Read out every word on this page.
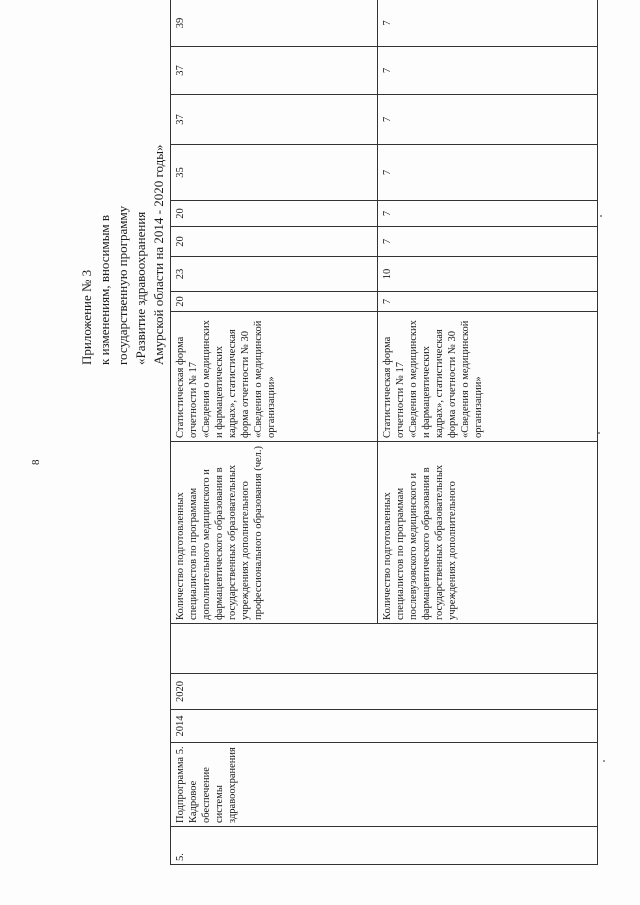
8
Приложение № 3 к изменениям, вносимым в государственную программу «Развитие здравоохранения Амурской области на 2014 - 2020 годы»
5.	Подпрограмма 5. Кадровое обеспечение системы здравоохранения	2014	2020		Количество подготовленных специалистов по программам дополнительного медицинского и фармацевтического образования в государственных образовательных учреждениях дополнительного профессионального образования (чел.)	Статистическая форма отчетности № 17 «Сведения о медицинских и фармацевтических кадрах», статистическая форма отчетности № 30 «Сведения о медицинской организации»	20	23	20	20	35	37	37	39
					Количество подготовленных специалистов по программам послевузовского медицинского и фармацевтического образования в государственных образовательных учреждениях дополнительного	Статистическая форма отчетности № 17 «Сведения о медицинских и фармацевтических кадрах», статистическая форма отчетности № 30 «Сведения о медицинской организации»	7	10	7	7	7	7	7	7
